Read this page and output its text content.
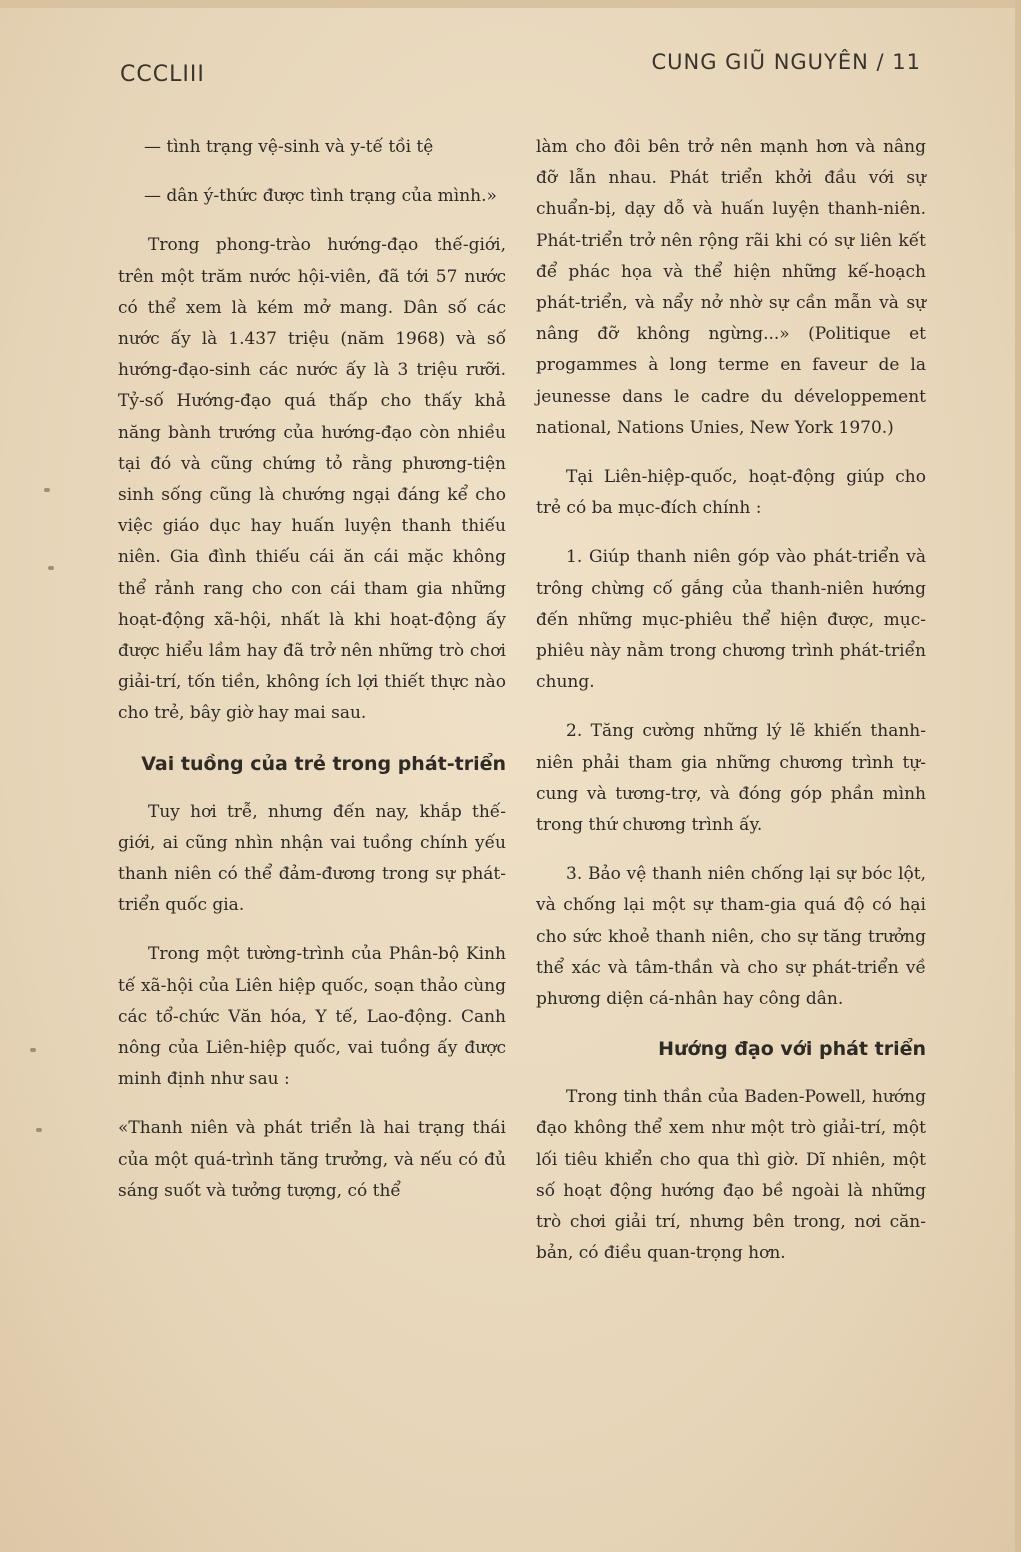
CCCLIII	CUNG GIŨ NGUYÊN / 11

— tình trạng vệ-sinh và y-tế tồi tệ

— dân ý-thức được tình trạng của mình.»

Trong phong-trào hướng-đạo thế-giới, trên một trăm nước hội-viên, đã tới 57 nước có thể xem là kém mở mang. Dân số các nước ấy là 1.437 triệu (năm 1968) và số hướng-đạo-sinh các nước ấy là 3 triệu rưỡi. Tỷ-số Hướng-đạo quá thấp cho thấy khả năng bành trướng của hướng-đạo còn nhiều tại đó và cũng chứng tỏ rằng phương-tiện sinh sống cũng là chướng ngại đáng kể cho việc giáo dục hay huấn luyện thanh thiếu niên. Gia đình thiếu cái ăn cái mặc không thể rảnh rang cho con cái tham gia những hoạt-động xã-hội, nhất là khi hoạt-động ấy được hiểu lầm hay đã trở nên những trò chơi giải-trí, tốn tiền, không ích lợi thiết thực nào cho trẻ, bây giờ hay mai sau.

Vai tuồng của trẻ trong phát-triển

Tuy hơi trễ, nhưng đến nay, khắp thế-giới, ai cũng nhìn nhận vai tuồng chính yếu thanh niên có thể đảm-đương trong sự phát-triển quốc gia.

Trong một tường-trình của Phân-bộ Kinh tế xã-hội của Liên hiệp quốc, soạn thảo cùng các tổ-chức Văn hóa, Y tế, Lao-động. Canh nông của Liên-hiệp quốc, vai tuồng ấy được minh định như sau :

«Thanh niên và phát triển là hai trạng thái của một quá-trình tăng trưởng, và nếu có đủ sáng suốt và tưởng tượng, có thể

làm cho đôi bên trở nên mạnh hơn và nâng đỡ lẫn nhau. Phát triển khởi đầu với sự chuẩn-bị, dạy dỗ và huấn luyện thanh-niên. Phát-triển trở nên rộng rãi khi có sự liên kết để phác họa và thể hiện những kế-hoạch phát-triển, và nẩy nở nhờ sự cần mẫn và sự nâng đỡ không ngừng...» (Politique et progammes à long terme en faveur de la jeunesse dans le cadre du développement national, Nations Unies, New York 1970.)

Tại Liên-hiệp-quốc, hoạt-động giúp cho trẻ có ba mục-đích chính :

1. Giúp thanh niên góp vào phát-triển và trông chừng cố gắng của thanh-niên hướng đến những mục-phiêu thể hiện được, mục-phiêu này nằm trong chương trình phát-triển chung.

2. Tăng cường những lý lẽ khiến thanh-niên phải tham gia những chương trình tự-cung và tương-trợ, và đóng góp phần mình trong thứ chương trình ấy.

3. Bảo vệ thanh niên chống lại sự bóc lột, và chống lại một sự tham-gia quá độ có hại cho sức khoẻ thanh niên, cho sự tăng trưởng thể xác và tâm-thần và cho sự phát-triển về phương diện cá-nhân hay công dân.

Hướng đạo với phát triển

Trong tinh thần của Baden-Powell, hướng đạo không thể xem như một trò giải-trí, một lối tiêu khiển cho qua thì giờ. Dĩ nhiên, một số hoạt động hướng đạo bề ngoài là những trò chơi giải trí, nhưng bên trong, nơi căn-bản, có điều quan-trọng hơn.
